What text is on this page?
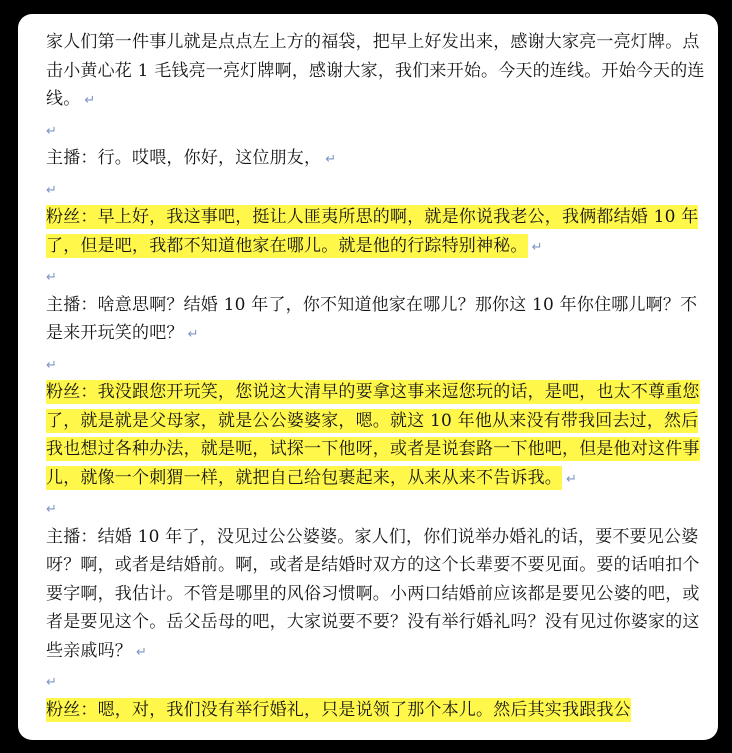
家人们第一件事儿就是点点左上方的福袋，把早上好发出来，感谢大家亮一亮灯牌。点击小黄心花 1 毛钱亮一亮灯牌啊，感谢大家，我们来开始。今天的连线。开始今天的连线。 ↵

↵

主播：行。哎喂，你好，这位朋友， ↵

↵

粉丝：早上好，我这事吧，挺让人匪夷所思的啊，就是你说我老公，我俩都结婚 10 年了，但是吧，我都不知道他家在哪儿。就是他的行踪特别神秘。 ↵

↵

主播：啥意思啊？结婚 10 年了，你不知道他家在哪儿？那你这 10 年你住哪儿啊？不是来开玩笑的吧？ ↵

↵

粉丝：我没跟您开玩笑，您说这大清早的要拿这事来逗您玩的话，是吧，也太不尊重您了，就是就是父母家，就是公公婆婆家，嗯。就这 10 年他从来没有带我回去过，然后我也想过各种办法，就是呃，试探一下他呀，或者是说套路一下他吧，但是他对这件事儿，就像一个刺猬一样，就把自己给包裹起来，从来从来不告诉我。 ↵

↵

主播：结婚 10 年了，没见过公公婆婆。家人们，你们说举办婚礼的话，要不要见公婆呀？啊，或者是结婚前。啊，或者是结婚时双方的这个长辈要不要见面。要的话咱扣个要字啊，我估计。不管是哪里的风俗习惯啊。小两口结婚前应该都是要见公婆的吧，或者是要见这个。岳父岳母的吧，大家说要不要？没有举行婚礼吗？没有见过你婆家的这些亲戚吗？ ↵

↵

粉丝：嗯，对，我们没有举行婚礼，只是说领了那个本儿。然后其实我跟我公
